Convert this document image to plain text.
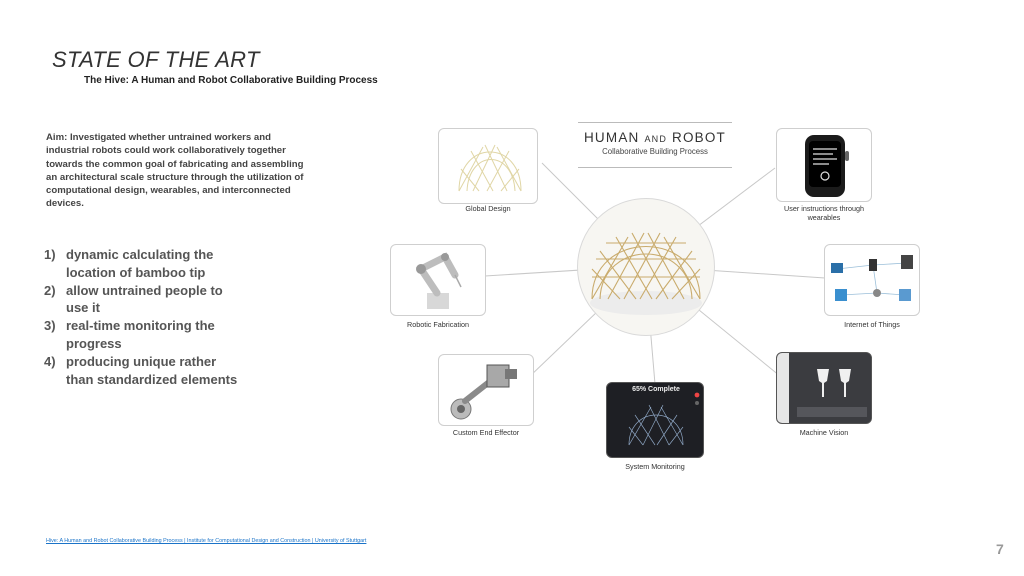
STATE OF THE ART
The Hive: A Human and Robot Collaborative Building Process
Aim: Investigated whether untrained workers and industrial robots could work collaboratively together towards the common goal of fabricating and assembling an architectural scale structure through the utilization of computational design, wearables, and interconnected devices.
1) dynamic calculating the location of bamboo tip
2) allow untrained people to use it
3) real-time monitoring the progress
4) producing unique rather than standardized elements
HUMAN AND ROBOT
Collaborative Building Process
Global Design	User instructions through wearables
Internet of Things
Robotic Fabrication
Custom End Effector
65% Complete
System Monitoring
Machine Vision
Hive: A Human and Robot Collaborative Building Process | Institute for Computational Design and Construction | University of Stuttgart	7
